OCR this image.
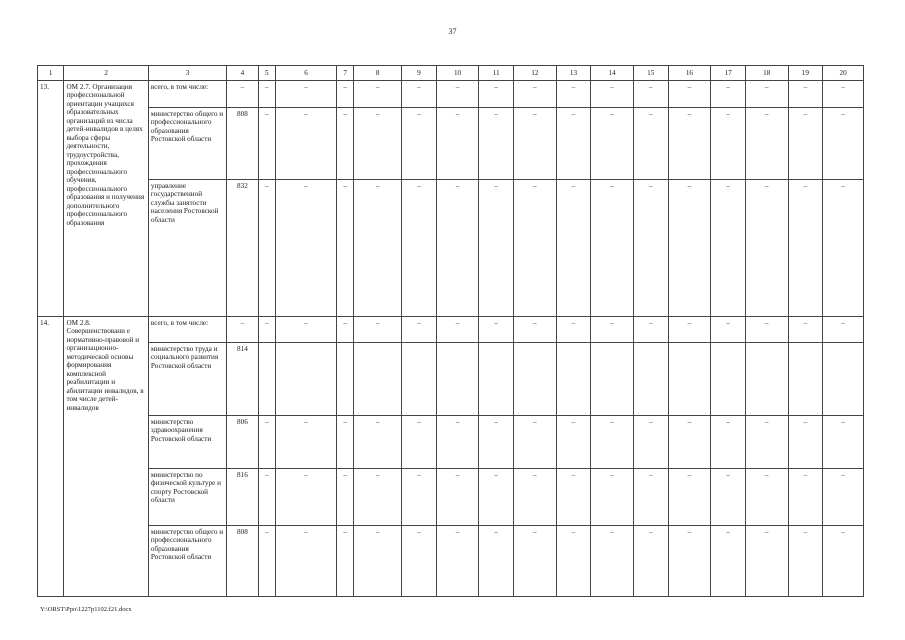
37
1	2	3	4	5	6	7	8	9	10	11	12	13	14	15	16	17	18	19	20
13.	ОМ 2.7. Организация профессиональной ориентации учащихся образовательных организаций из числа детей-инвалидов в целях выбора сферы деятельности, трудоустройства, прохождения профессионального обучения, профессионального образования и получения дополнительного профессионального образования	всего, в том числе:	–	–	–	–	–	–	–	–	–	–	–	–	–	–	–	–	–
		министерство общего и профессионального образования Ростовской области	808	–	–	–	–	–	–	–	–	–	–	–	–	–	–	–	–
		управление государственной службы занятости населения Ростовской области	832	–	–	–	–	–	–	–	–	–	–	–	–	–	–	–	–
14.	ОМ 2.8. Совершенствовани е нормативно-правовой и организационно-методической основы формирования комплексной реабилитации и абилитации инвалидов, в том числе детей-инвалидов	всего, в том числе:	–	–	–	–	–	–	–	–	–	–	–	–	–	–	–	–	–
		министерство труда и социального развития Ростовской области	814																
		министерство здравоохранения Ростовской области	806	–	–	–	–	–	–	–	–	–	–	–	–	–	–	–	–
		министерство по физической культуре и спорту Ростовской области	816	–	–	–	–	–	–	–	–	–	–	–	–	–	–	–	–
		министерство общего и профессионального образования Ростовской области	808	–	–	–	–	–	–	–	–	–	–	–	–	–	–	–	–
Y:\ORST\Ppo\1227p1102.f21.docx
